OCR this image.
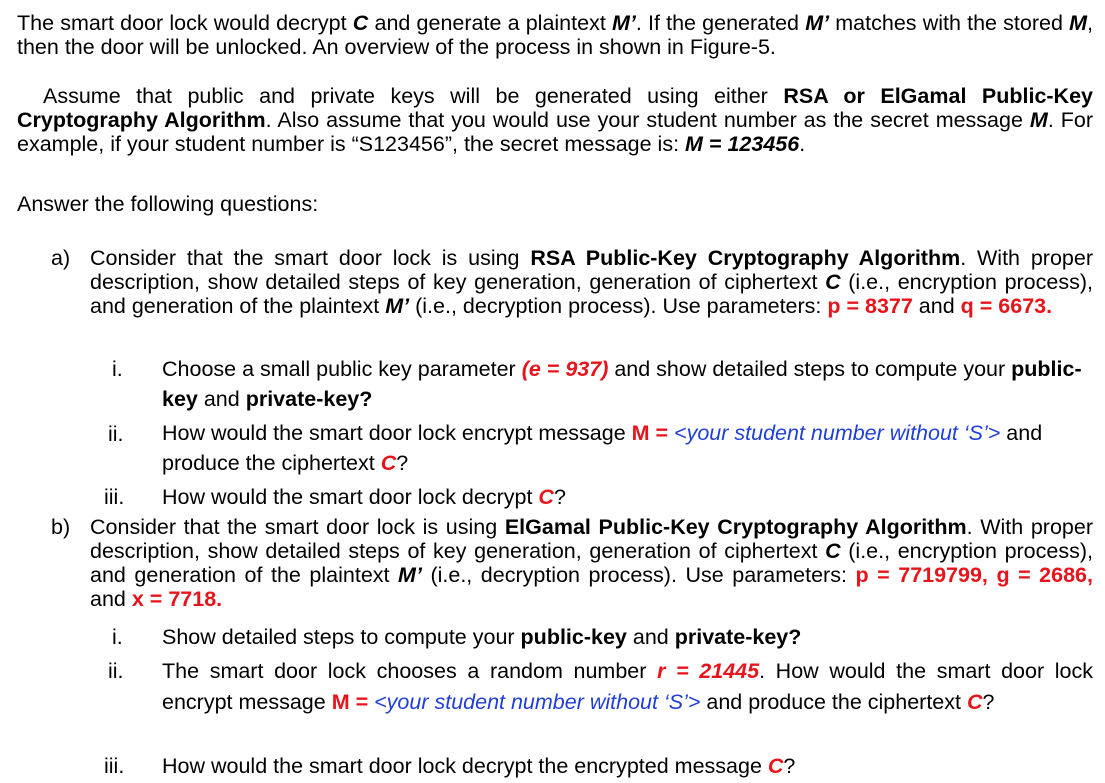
The smart door lock would decrypt C and generate a plaintext M’. If the generated M’ matches with the stored M, then the door will be unlocked. An overview of the process in shown in Figure-5.
Assume that public and private keys will be generated using either RSA or ElGamal Public-Key Cryptography Algorithm. Also assume that you would use your student number as the secret message M. For example, if your student number is “S123456”, the secret message is: M = 123456.
Answer the following questions:
a) Consider that the smart door lock is using RSA Public-Key Cryptography Algorithm. With proper description, show detailed steps of key generation, generation of ciphertext C (i.e., encryption process), and generation of the plaintext M’ (i.e., decryption process). Use parameters: p = 8377 and q = 6673.
i. Choose a small public key parameter (e = 937) and show detailed steps to compute your public-key and private-key?
ii. How would the smart door lock encrypt message M = <your student number without ‘S’> and produce the ciphertext C?
iii. How would the smart door lock decrypt C?
b) Consider that the smart door lock is using ElGamal Public-Key Cryptography Algorithm. With proper description, show detailed steps of key generation, generation of ciphertext C (i.e., encryption process), and generation of the plaintext M’ (i.e., decryption process). Use parameters: p = 7719799, g = 2686, and x = 7718.
i. Show detailed steps to compute your public-key and private-key?
ii. The smart door lock chooses a random number r = 21445. How would the smart door lock encrypt message M = <your student number without ‘S’> and produce the ciphertext C?
iii. How would the smart door lock decrypt the encrypted message C?
